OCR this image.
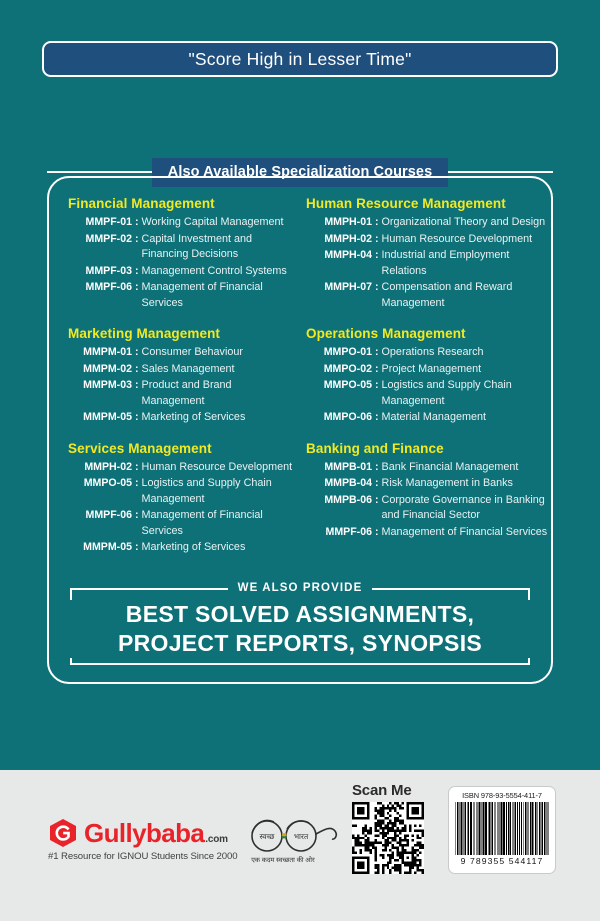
"Score High in Lesser Time"
Also Available Specialization Courses
Financial Management
MMPF-01 : Working Capital Management
MMPF-02 : Capital Investment and Financing Decisions
MMPF-03 : Management Control Systems
MMPF-06 : Management of Financial Services
Marketing Management
MMPM-01 : Consumer Behaviour
MMPM-02 : Sales Management
MMPM-03 : Product and Brand Management
MMPM-05 : Marketing of Services
Services Management
MMPH-02 : Human Resource Development
MMPO-05 : Logistics and Supply Chain Management
MMPF-06 : Management of Financial Services
MMPM-05 : Marketing of Services
Human Resource Management
MMPH-01 : Organizational Theory and Design
MMPH-02 : Human Resource Development
MMPH-04 : Industrial and Employment Relations
MMPH-07 : Compensation and Reward Management
Operations Management
MMPO-01 : Operations Research
MMPO-02 : Project Management
MMPO-05 : Logistics and Supply Chain Management
MMPO-06 : Material Management
Banking and Finance
MMPB-01 : Bank Financial Management
MMPB-04 : Risk Management in Banks
MMPB-06 : Corporate Governance in Banking and Financial Sector
MMPF-06 : Management of Financial Services
WE ALSO PROVIDE
BEST SOLVED ASSIGNMENTS,
PROJECT REPORTS, SYNOPSIS
Gullybaba .com
#1 Resource for IGNOU Students Since 2000
स्वच्छ	भारत
एक कदम स्वच्छता की ओर
Scan Me	ISBN 978-93-5554-411-7
9 789355 544117
